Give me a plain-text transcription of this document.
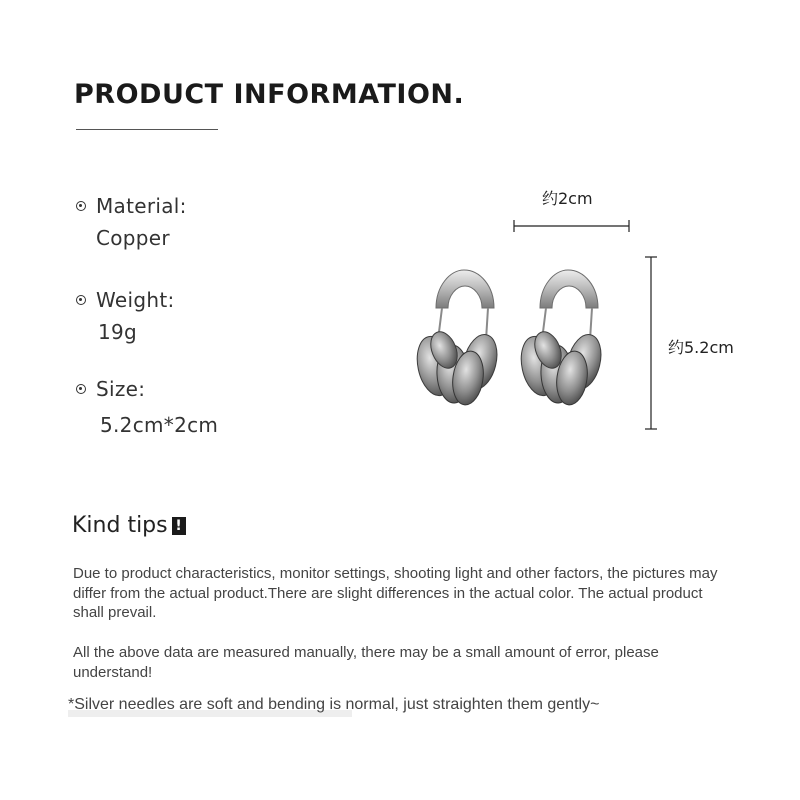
PRODUCT INFORMATION.
Material:
Copper
Weight:
19g
Size:
5.2cm*2cm
约2cm
约5.2cm
Kind tips !

Due to product characteristics, monitor settings, shooting light and other factors, the pictures may differ from the actual product.There are slight differences in the actual color. The actual product shall prevail.

All the above data are measured manually, there may be a small amount of error, please understand!

*Silver needles are soft and bending is normal, just straighten them gently~
